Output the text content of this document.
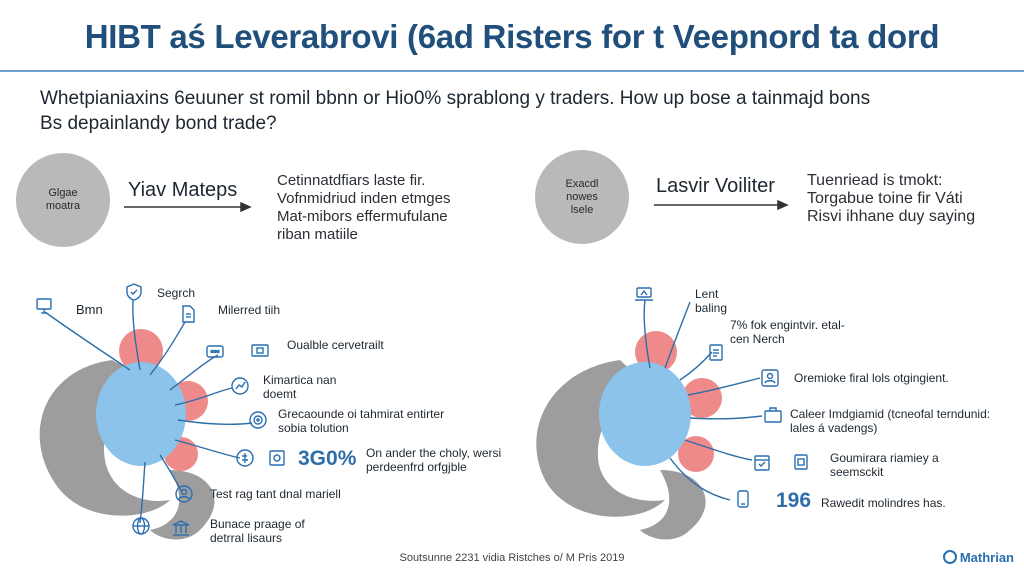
HIBT aś Leverabrovi (6ad Risters for t Veepnord ta dord
Whetpianiaxins 6euuner st romil bbnn or Hio0% sprablong y traders. How up bose a tainmajd bons
Bs depainlandy bond trade?
Glgae moatra
Yiav Mateps	Cetinnatdfiars laste fir.
Vofnmidriud inden etmges
Mat-mibors effermufulane
riban matiile
Exacdl nowes lsele
Lasvir Voiliter Tuenriead is tmokt:
Torgabue toine fir Váti
Risvi ihhane duy saying
Bmn
Segrch
Milerred tiih
Oualble cervetrailt
Kimartica nan doemt
Grecaounde oi tahmirat entirter sobia tolution
3G0% On ander the choly, wersi perdeenfrd orfgjble
Test rag tant dnal mariell
Bunace praage of detrral lisaurs
Lent baling
7% fok engintvir. etal-cen Nerch
Oremioke firal lols otgingient.
Caleer Imdgiamid (tcneofal terndunid: lales á vadengs)
Goumirara riamiey a seemsckit
196 Rawedit molindres has.
Soutsunne 2231 vidia Ristches o/ M Pris 2019	Mathrian
